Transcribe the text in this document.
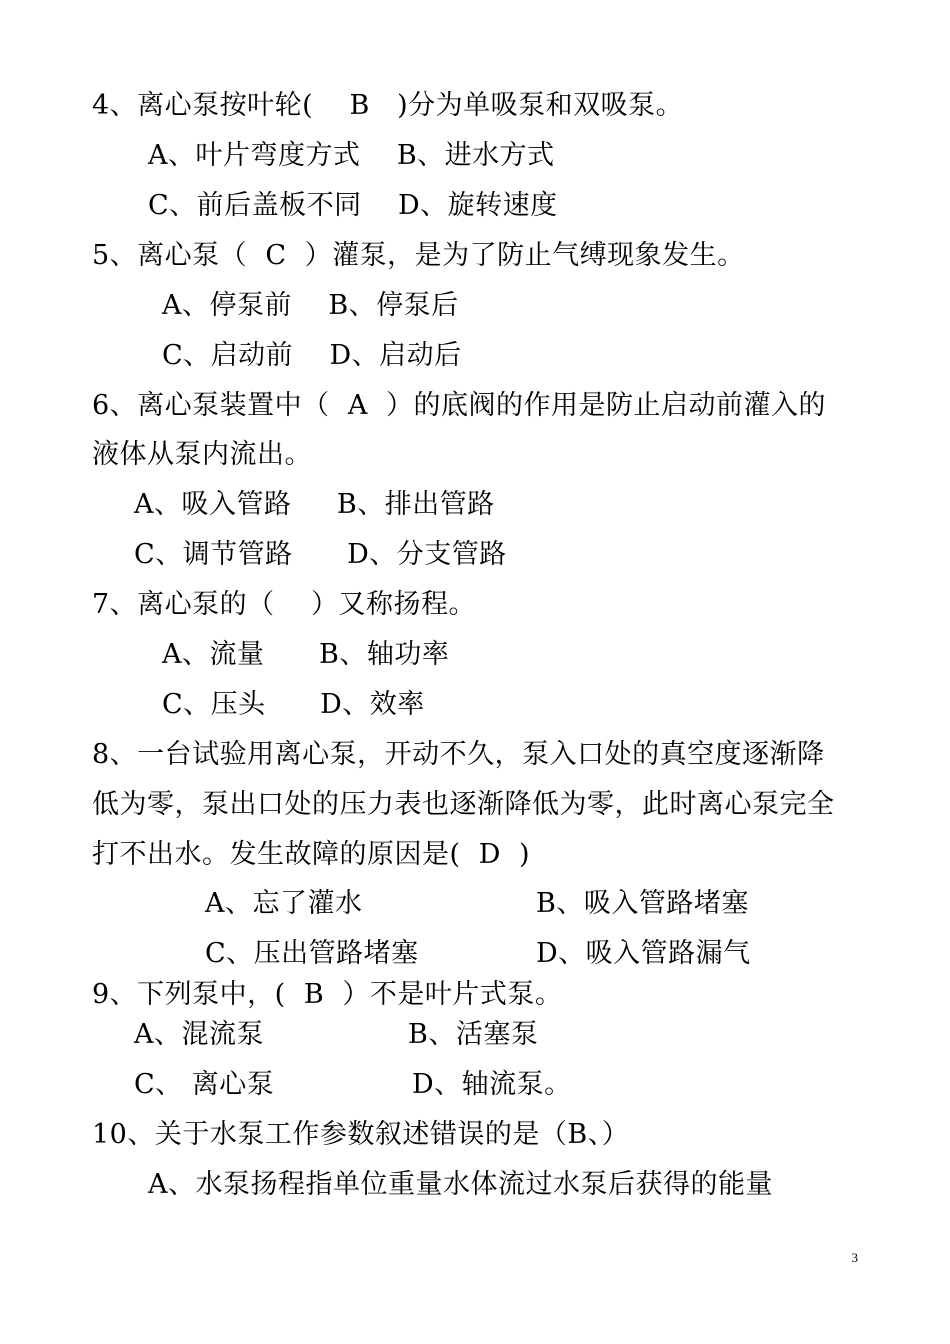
4、离心泵按叶轮(    B   )分为单吸泵和双吸泵。
A、叶片弯度方式    B、进水方式
C、前后盖板不同    D、旋转速度
5、离心泵（  C  ）灌泵，是为了防止气缚现象发生。
A、停泵前    B、停泵后
C、启动前    D、启动后
6、离心泵装置中（  A  ）的底阀的作用是防止启动前灌入的
液体从泵内流出。
A、吸入管路     B、排出管路
C、调节管路      D、分支管路
7、离心泵的（    ）又称扬程。
A、流量      B、轴功率
C、压头      D、效率
8、一台试验用离心泵，开动不久，泵入口处的真空度逐渐降
低为零，泵出口处的压力表也逐渐降低为零，此时离心泵完全
打不出水。发生故障的原因是(  D  )
A、忘了灌水	B、吸入管路堵塞
C、压出管路堵塞	D、吸入管路漏气
9、下列泵中，(  B  ）不是叶片式泵。
A、混流泵	B、活塞泵
C、 离心泵	D、轴流泵。
10、关于水泵工作参数叙述错误的是（B、）
A、水泵扬程指单位重量水体流过水泵后获得的能量
3
